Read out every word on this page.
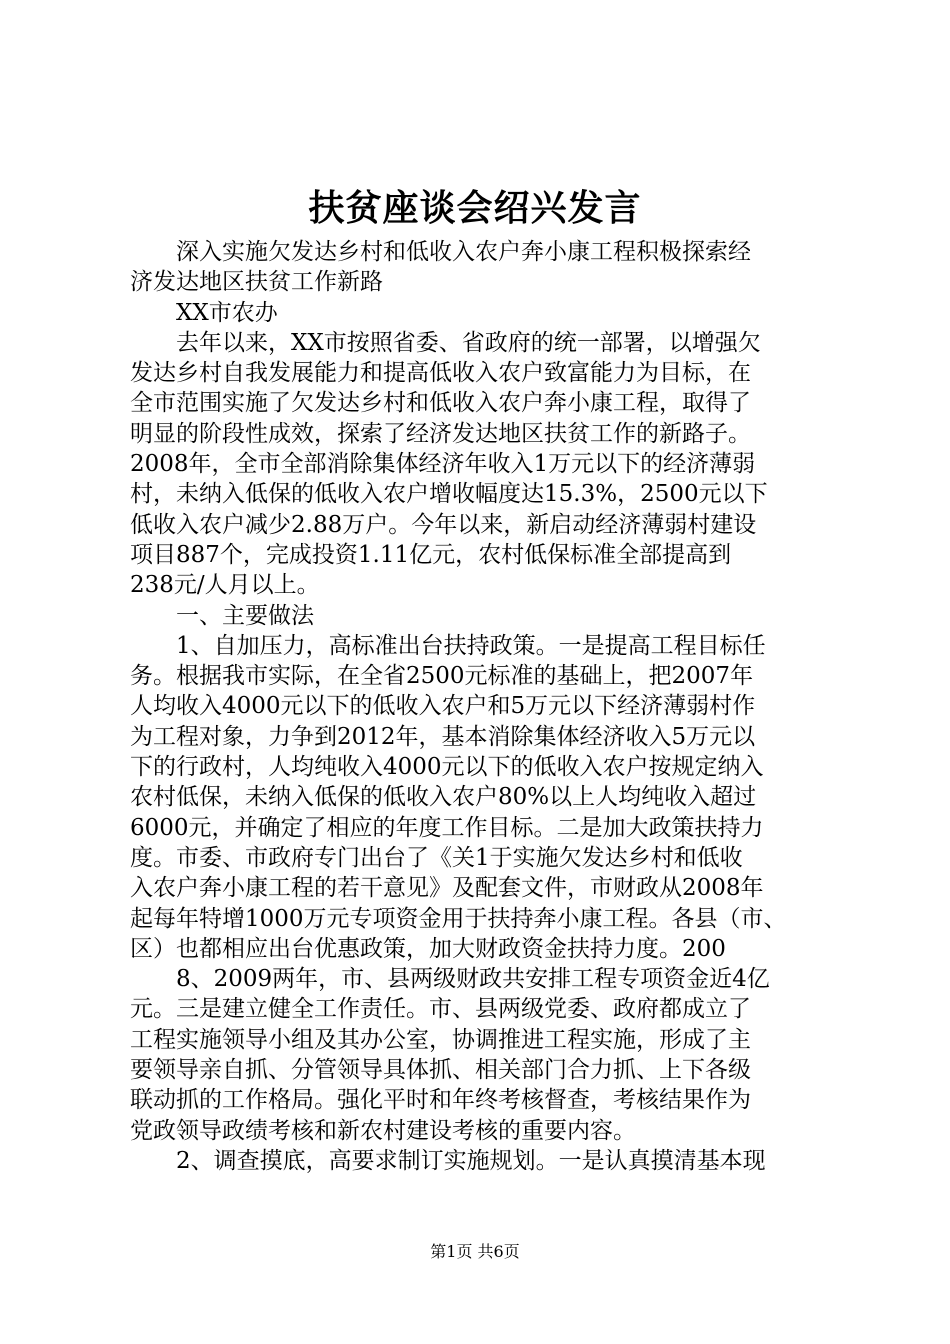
扶贫座谈会绍兴发言
　　深入实施欠发达乡村和低收入农户奔小康工程积极探索经
济发达地区扶贫工作新路
　　XX市农办
　　去年以来，XX市按照省委、省政府的统一部署，以增强欠
发达乡村自我发展能力和提高低收入农户致富能力为目标，在
全市范围实施了欠发达乡村和低收入农户奔小康工程，取得了
明显的阶段性成效，探索了经济发达地区扶贫工作的新路子。
2008年，全市全部消除集体经济年收入1万元以下的经济薄弱
村，未纳入低保的低收入农户增收幅度达15.3%，2500元以下
低收入农户减少2.88万户。今年以来，新启动经济薄弱村建设
项目887个，完成投资1.11亿元，农村低保标准全部提高到
238元/人月以上。
　　一、主要做法
　　1、自加压力，高标准出台扶持政策。一是提高工程目标任
务。根据我市实际，在全省2500元标准的基础上，把2007年
人均收入4000元以下的低收入农户和5万元以下经济薄弱村作
为工程对象，力争到2012年，基本消除集体经济收入5万元以
下的行政村，人均纯收入4000元以下的低收入农户按规定纳入
农村低保，未纳入低保的低收入农户80%以上人均纯收入超过
6000元，并确定了相应的年度工作目标。二是加大政策扶持力
度。市委、市政府专门出台了《关1于实施欠发达乡村和低收
入农户奔小康工程的若干意见》及配套文件，市财政从2008年
起每年特增1000万元专项资金用于扶持奔小康工程。各县（市、
区）也都相应出台优惠政策，加大财政资金扶持力度。200
　　8、2009两年，市、县两级财政共安排工程专项资金近4亿
元。三是建立健全工作责任。市、县两级党委、政府都成立了
工程实施领导小组及其办公室，协调推进工程实施，形成了主
要领导亲自抓、分管领导具体抓、相关部门合力抓、上下各级
联动抓的工作格局。强化平时和年终考核督查，考核结果作为
党政领导政绩考核和新农村建设考核的重要内容。
　　2、调查摸底，高要求制订实施规划。一是认真摸清基本现
第1页 共6页
